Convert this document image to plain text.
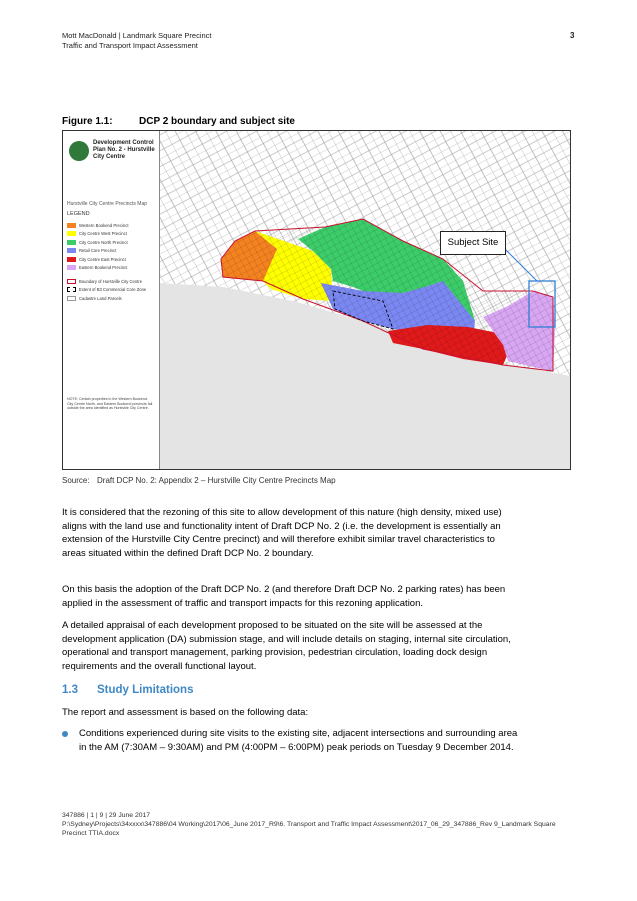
Mott MacDonald | Landmark Square Precinct
Traffic and Transport Impact Assessment
3
Figure 1.1:	DCP 2 boundary and subject site
Development Control
Plan No. 2 - Hurstville
City Centre
Hurstville City Centre Precincts Map
LEGEND
Western Bookend Precinct
City Centre West Precinct
City Centre North Precinct
Retail Core Precinct
City Centre East Precinct
Eastern Bookend Precinct
Boundary of Hurstville City Centre
Extent of B3 Commercial Core Zone
Cadastre Land Parcels
NOTE: Certain properties in the Western Bookend, City Centre North, and Eastern Bookend precincts fall outside the area identified as Hurstville City Centre.
Subject Site
Source: Draft DCP No. 2: Appendix 2 – Hurstville City Centre Precincts Map

It is considered that the rezoning of this site to allow development of this nature (high density, mixed use) aligns with the land use and functionality intent of Draft DCP No. 2 (i.e. the development is essentially an extension of the Hurstville City Centre precinct) and will therefore exhibit similar travel characteristics to areas situated within the defined Draft DCP No. 2 boundary.

On this basis the adoption of the Draft DCP No. 2 (and therefore Draft DCP No. 2 parking rates) has been applied in the assessment of traffic and transport impacts for this rezoning application.

A detailed appraisal of each development proposed to be situated on the site will be assessed at the development application (DA) submission stage, and will include details on staging, internal site circulation, operational and transport management, parking provision, pedestrian circulation, loading dock design requirements and the overall functional layout.

1.3 Study Limitations

The report and assessment is based on the following data:

Conditions experienced during site visits to the existing site, adjacent intersections and surrounding area in the AM (7:30AM – 9:30AM) and PM (4:00PM – 6:00PM) peak periods on Tuesday 9 December 2014.
347886 | 1 | 9 | 29 June 2017
P:\Sydney\Projects\34xxxx\347886\04 Working\2017\06_June 2017_R9\6. Transport and Traffic Impact Assessment\2017_06_29_347886_Rev 9_Landmark Square Precinct TTIA.docx
